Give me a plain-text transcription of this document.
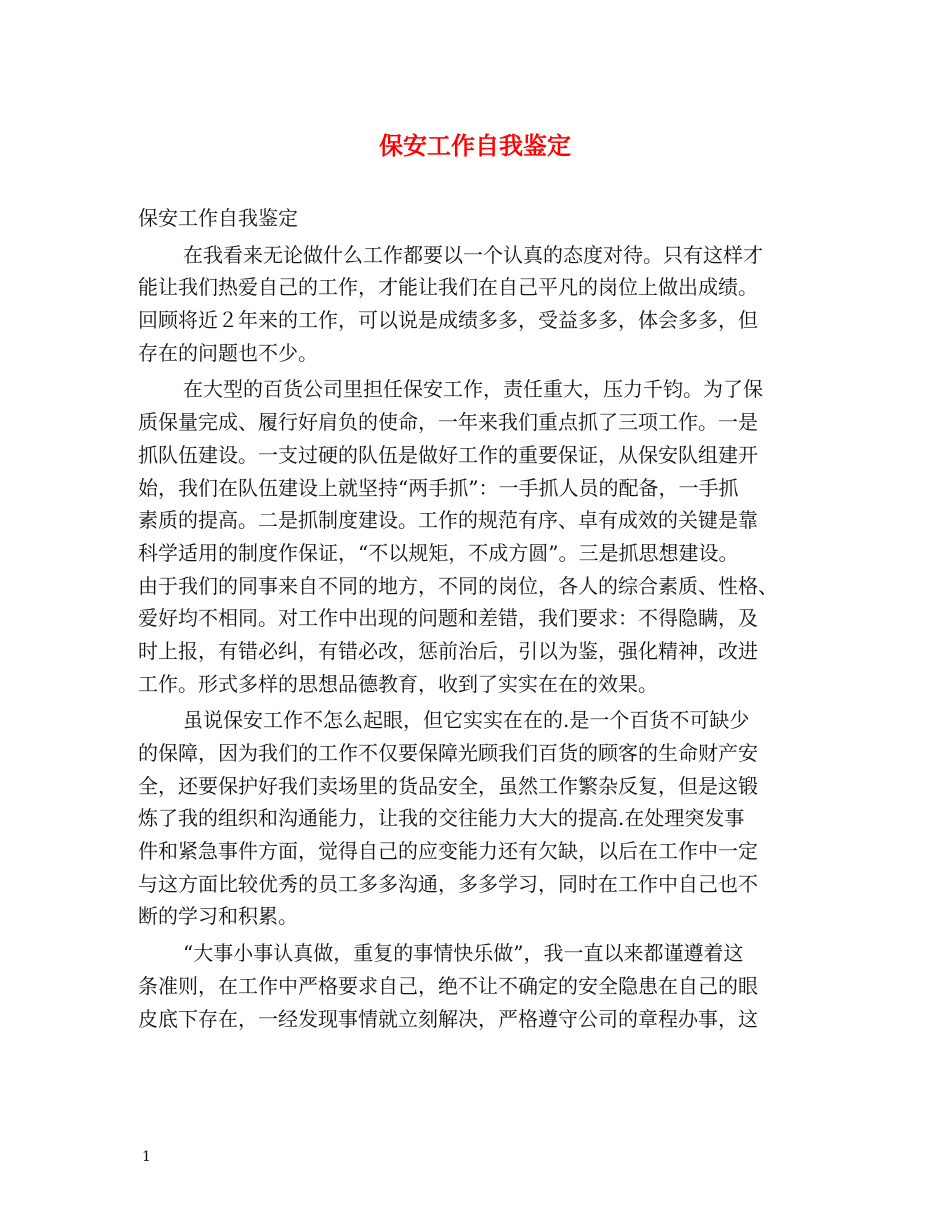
保安工作自我鉴定
保安工作自我鉴定
在我看来无论做什么工作都要以一个认真的态度对待。只有这样才
能让我们热爱自己的工作，才能让我们在自己平凡的岗位上做出成绩。
回顾将近２年来的工作，可以说是成绩多多，受益多多，体会多多，但
存在的问题也不少。
在大型的百货公司里担任保安工作，责任重大，压力千钧。为了保
质保量完成、履行好肩负的使命，一年来我们重点抓了三项工作。一是
抓队伍建设。一支过硬的队伍是做好工作的重要保证，从保安队组建开
始，我们在队伍建设上就坚持“两手抓”：一手抓人员的配备，一手抓
素质的提高。二是抓制度建设。工作的规范有序、卓有成效的关键是靠
科学适用的制度作保证，“不以规矩，不成方圆”。三是抓思想建设。
由于我们的同事来自不同的地方，不同的岗位，各人的综合素质、性格、
爱好均不相同。对工作中出现的问题和差错，我们要求：不得隐瞒，及
时上报，有错必纠，有错必改，惩前治后，引以为鉴，强化精神，改进
工作。形式多样的思想品德教育，收到了实实在在的效果。
虽说保安工作不怎么起眼，但它实实在在的.是一个百货不可缺少
的保障，因为我们的工作不仅要保障光顾我们百货的顾客的生命财产安
全，还要保护好我们卖场里的货品安全，虽然工作繁杂反复，但是这锻
炼了我的组织和沟通能力，让我的交往能力大大的提高.在处理突发事
件和紧急事件方面，觉得自己的应变能力还有欠缺，以后在工作中一定
与这方面比较优秀的员工多多沟通，多多学习，同时在工作中自己也不
断的学习和积累。
“大事小事认真做，重复的事情快乐做”，我一直以来都谨遵着这
条准则，在工作中严格要求自己，绝不让不确定的安全隐患在自己的眼
皮底下存在，一经发现事情就立刻解决，严格遵守公司的章程办事，这
1
